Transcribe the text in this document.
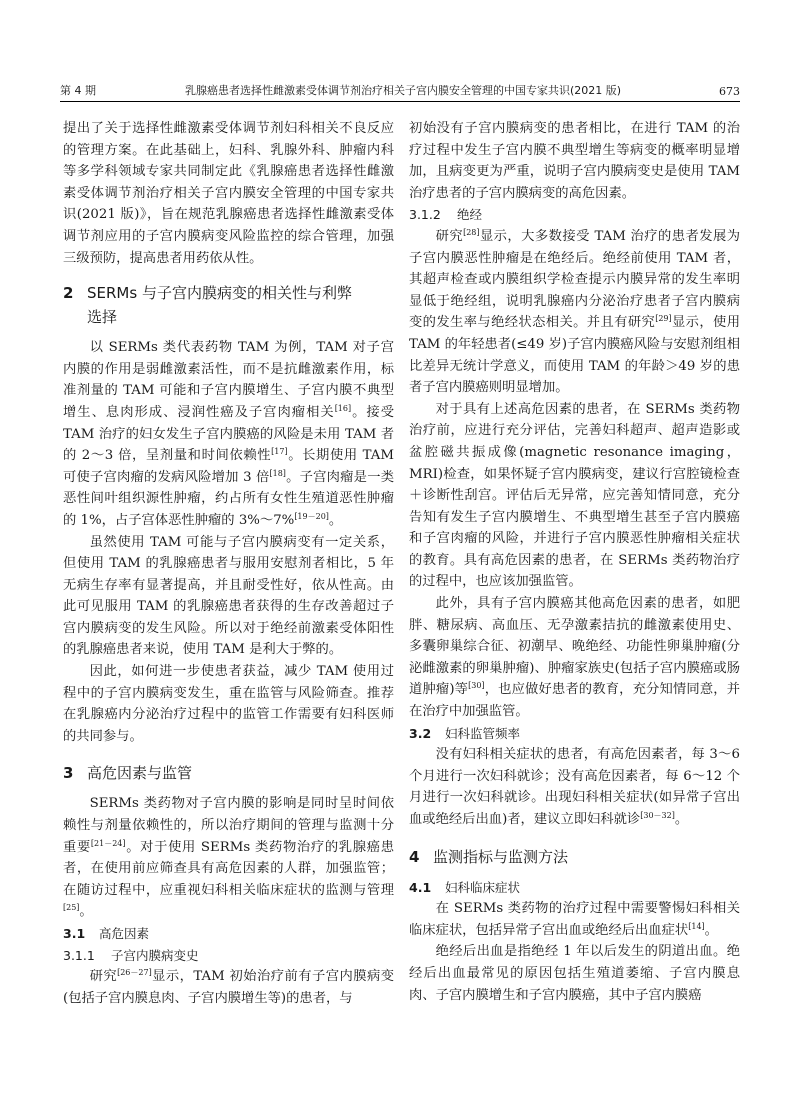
第 4 期	乳腺癌患者选择性雌激素受体调节剂治疗相关子宫内膜安全管理的中国专家共识(2021 版)	673

提出了关于选择性雌激素受体调节剂妇科相关不良反应的管理方案。在此基础上，妇科、乳腺外科、肿瘤内科等多学科领域专家共同制定此《乳腺癌患者选择性雌激素受体调节剂治疗相关子宫内膜安全管理的中国专家共识(2021 版)》，旨在规范乳腺癌患者选择性雌激素受体调节剂应用的子宫内膜病变风险监控的综合管理，加强三级预防，提高患者用药依从性。

2 SERMs 与子宫内膜病变的相关性与利弊
选择

以 SERMs 类代表药物 TAM 为例，TAM 对子宫内膜的作用是弱雌激素活性，而不是抗雌激素作用，标准剂量的 TAM 可能和子宫内膜增生、子宫内膜不典型增生、息肉形成、浸润性癌及子宫肉瘤相关[16]。接受 TAM 治疗的妇女发生子宫内膜癌的风险是未用 TAM 者的 2～3 倍，呈剂量和时间依赖性[17]。长期使用 TAM 可使子宫肉瘤的发病风险增加 3 倍[18]。子宫肉瘤是一类恶性间叶组织源性肿瘤，约占所有女性生殖道恶性肿瘤的 1%，占子宫体恶性肿瘤的 3%～7%[19－20]。

虽然使用 TAM 可能与子宫内膜病变有一定关系，但使用 TAM 的乳腺癌患者与服用安慰剂者相比，5 年无病生存率有显著提高，并且耐受性好，依从性高。由此可见服用 TAM 的乳腺癌患者获得的生存改善超过子宫内膜病变的发生风险。所以对于绝经前激素受体阳性的乳腺癌患者来说，使用 TAM 是利大于弊的。

因此，如何进一步使患者获益，减少 TAM 使用过程中的子宫内膜病变发生，重在监管与风险筛查。推荐在乳腺癌内分泌治疗过程中的监管工作需要有妇科医师的共同参与。

3 高危因素与监管

SERMs 类药物对子宫内膜的影响是同时呈时间依赖性与剂量依赖性的，所以治疗期间的管理与监测十分重要[21－24]。对于使用 SERMs 类药物治疗的乳腺癌患者，在使用前应筛查具有高危因素的人群，加强监管；在随访过程中，应重视妇科相关临床症状的监测与管理[25]。

3.1 高危因素
3.1.1 子宫内膜病变史

研究[26－27]显示，TAM 初始治疗前有子宫内膜病变(包括子宫内膜息肉、子宫内膜增生等)的患者，与

初始没有子宫内膜病变的患者相比，在进行 TAM 的治疗过程中发生子宫内膜不典型增生等病变的概率明显增加，且病变更为严重，说明子宫内膜病变史是使用 TAM 治疗患者的子宫内膜病变的高危因素。

3.1.2 绝经

研究[28]显示，大多数接受 TAM 治疗的患者发展为子宫内膜恶性肿瘤是在绝经后。绝经前使用 TAM 者，其超声检查或内膜组织学检查提示内膜异常的发生率明显低于绝经组，说明乳腺癌内分泌治疗患者子宫内膜病变的发生率与绝经状态相关。并且有研究[29]显示，使用 TAM 的年轻患者(≤49 岁)子宫内膜癌风险与安慰剂组相比差异无统计学意义，而使用 TAM 的年龄＞49 岁的患者子宫内膜癌则明显增加。

对于具有上述高危因素的患者，在 SERMs 类药物治疗前，应进行充分评估，完善妇科超声、超声造影或盆腔磁共振成像(magnetic resonance imaging，MRI)检查，如果怀疑子宫内膜病变，建议行宫腔镜检查＋诊断性刮宫。评估后无异常，应完善知情同意，充分告知有发生子宫内膜增生、不典型增生甚至子宫内膜癌和子宫肉瘤的风险，并进行子宫内膜恶性肿瘤相关症状的教育。具有高危因素的患者，在 SERMs 类药物治疗的过程中，也应该加强监管。

此外，具有子宫内膜癌其他高危因素的患者，如肥胖、糖尿病、高血压、无孕激素拮抗的雌激素使用史、多囊卵巢综合征、初潮早、晚绝经、功能性卵巢肿瘤(分泌雌激素的卵巢肿瘤)、肿瘤家族史(包括子宫内膜癌或肠道肿瘤)等[30]，也应做好患者的教育，充分知情同意，并在治疗中加强监管。

3.2 妇科监管频率

没有妇科相关症状的患者，有高危因素者，每 3～6 个月进行一次妇科就诊；没有高危因素者，每 6～12 个月进行一次妇科就诊。出现妇科相关症状(如异常子宫出血或绝经后出血)者，建议立即妇科就诊[30－32]。

4 监测指标与监测方法
4.1 妇科临床症状

在 SERMs 类药物的治疗过程中需要警惕妇科相关临床症状，包括异常子宫出血或绝经后出血症状[14]。

绝经后出血是指绝经 1 年以后发生的阴道出血。绝经后出血最常见的原因包括生殖道萎缩、子宫内膜息肉、子宫内膜增生和子宫内膜癌，其中子宫内膜癌
